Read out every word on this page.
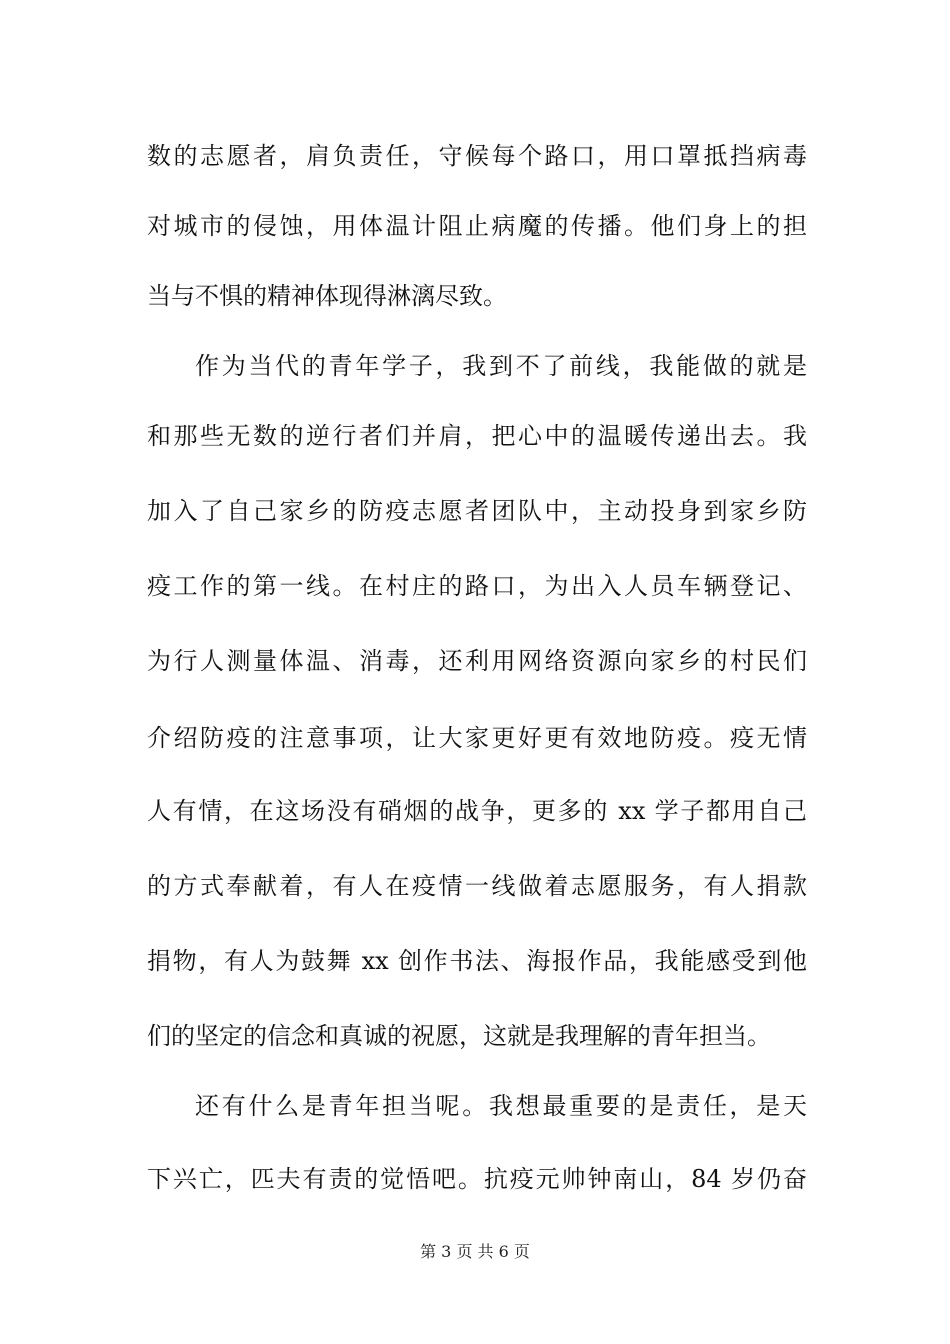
数的志愿者，肩负责任，守候每个路口，用口罩抵挡病毒
对城市的侵蚀，用体温计阻止病魔的传播。他们身上的担
当与不惧的精神体现得淋漓尽致。
作为当代的青年学子，我到不了前线，我能做的就是
和那些无数的逆行者们并肩，把心中的温暖传递出去。我
加入了自己家乡的防疫志愿者团队中，主动投身到家乡防
疫工作的第一线。在村庄的路口，为出入人员车辆登记、
为行人测量体温、消毒，还利用网络资源向家乡的村民们
介绍防疫的注意事项，让大家更好更有效地防疫。疫无情
人有情，在这场没有硝烟的战争，更多的 xx 学子都用自己
的方式奉献着，有人在疫情一线做着志愿服务，有人捐款
捐物，有人为鼓舞 xx 创作书法、海报作品，我能感受到他
们的坚定的信念和真诚的祝愿，这就是我理解的青年担当。
还有什么是青年担当呢。我想最重要的是责任，是天
下兴亡，匹夫有责的觉悟吧。抗疫元帅钟南山，84 岁仍奋
第 3 页 共 6 页
